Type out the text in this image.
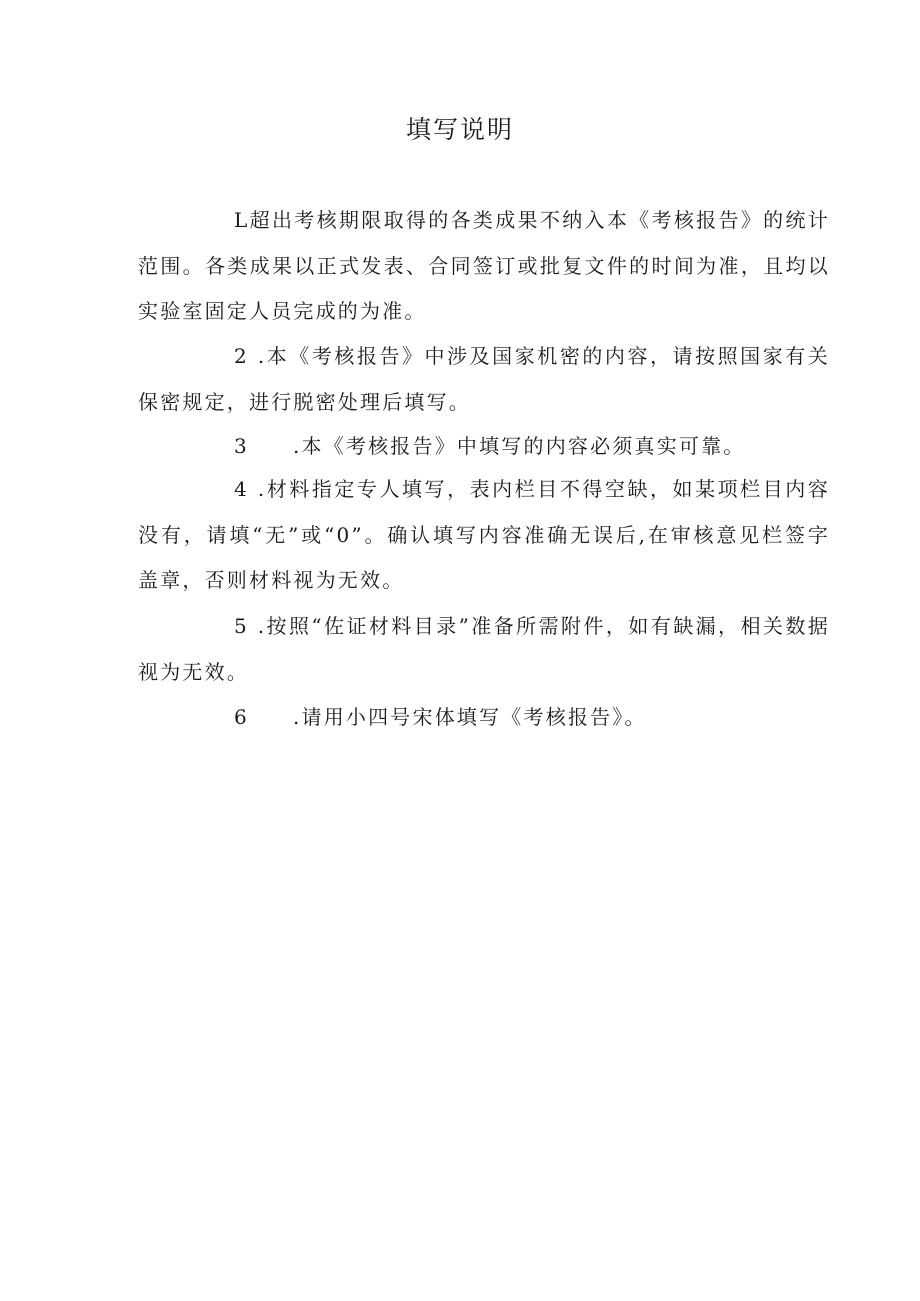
填写说明
L超出考核期限取得的各类成果不纳入本《考核报告》的统计范围。各类成果以正式发表、合同签订或批复文件的时间为准，且均以实验室固定人员完成的为准。
2 .本《考核报告》中涉及国家机密的内容，请按照国家有关保密规定，进行脱密处理后填写。
3 .本《考核报告》中填写的内容必须真实可靠。
4 .材料指定专人填写，表内栏目不得空缺，如某项栏目内容没有，请填“无”或“0”。确认填写内容准确无误后,在审核意见栏签字盖章，否则材料视为无效。
5 .按照“佐证材料目录”准备所需附件，如有缺漏，相关数据视为无效。
6 .请用小四号宋体填写《考核报告》。
